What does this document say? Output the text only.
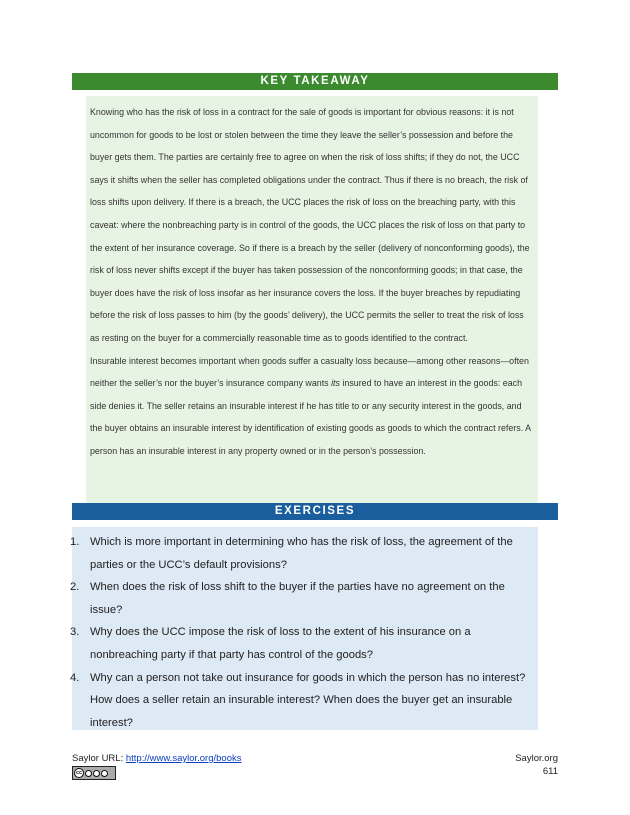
KEY TAKEAWAY

Knowing who has the risk of loss in a contract for the sale of goods is important for obvious reasons: it is not uncommon for goods to be lost or stolen between the time they leave the seller’s possession and before the buyer gets them. The parties are certainly free to agree on when the risk of loss shifts; if they do not, the UCC says it shifts when the seller has completed obligations under the contract. Thus if there is no breach, the risk of loss shifts upon delivery. If there is a breach, the UCC places the risk of loss on the breaching party, with this caveat: where the nonbreaching party is in control of the goods, the UCC places the risk of loss on that party to the extent of her insurance coverage. So if there is a breach by the seller (delivery of nonconforming goods), the risk of loss never shifts except if the buyer has taken possession of the nonconforming goods; in that case, the buyer does have the risk of loss insofar as her insurance covers the loss. If the buyer breaches by repudiating before the risk of loss passes to him (by the goods’ delivery), the UCC permits the seller to treat the risk of loss as resting on the buyer for a commercially reasonable time as to goods identified to the contract.

Insurable interest becomes important when goods suffer a casualty loss because—among other reasons—often neither the seller’s nor the buyer’s insurance company wants its insured to have an interest in the goods: each side denies it. The seller retains an insurable interest if he has title to or any security interest in the goods, and the buyer obtains an insurable interest by identification of existing goods as goods to which the contract refers. A person has an insurable interest in any property owned or in the person’s possession.

EXERCISES
1. Which is more important in determining who has the risk of loss, the agreement of the parties or the UCC’s default provisions?
2. When does the risk of loss shift to the buyer if the parties have no agreement on the issue?
3. Why does the UCC impose the risk of loss to the extent of his insurance on a nonbreaching party if that party has control of the goods?
4. Why can a person not take out insurance for goods in which the person has no interest? How does a seller retain an insurable interest? When does the buyer get an insurable interest?
Saylor URL: http://www.saylor.org/books
cc
Saylor.org
611
